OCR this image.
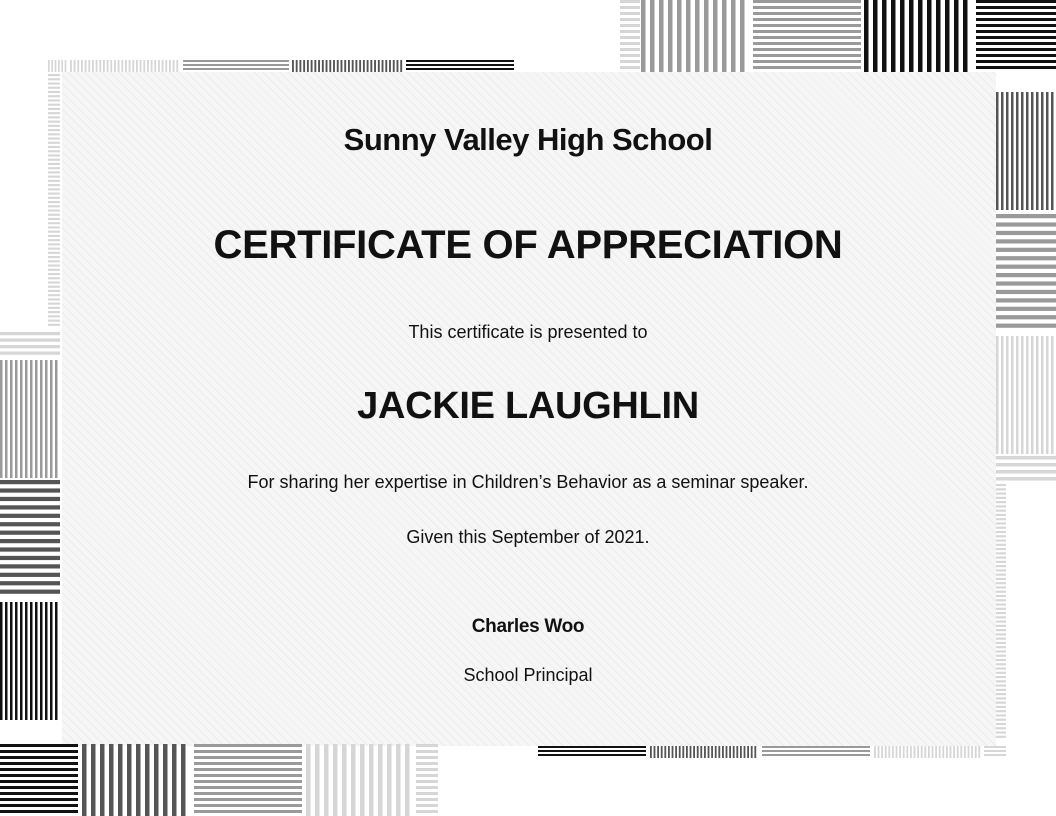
Sunny Valley High School
CERTIFICATE OF APPRECIATION
This certificate is presented to
JACKIE LAUGHLIN
For sharing her expertise in Children’s Behavior as a seminar speaker.
Given this September of 2021.
Charles Woo
School Principal
